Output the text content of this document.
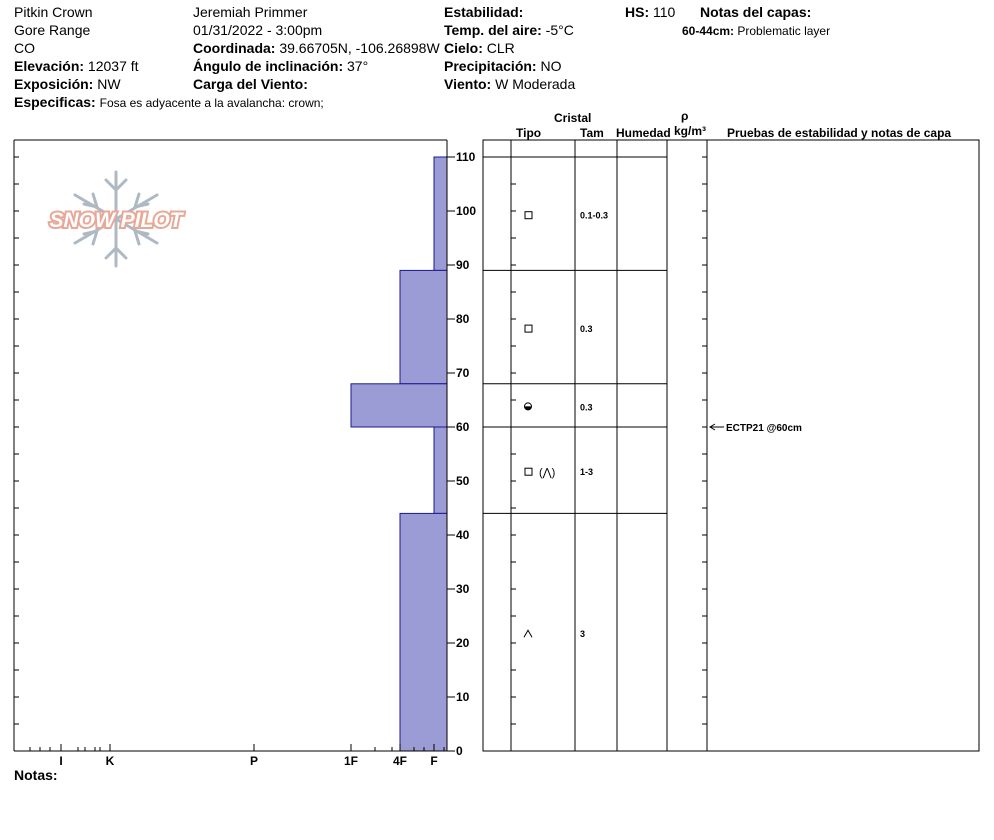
Pitkin Crown
Gore Range
CO
Elevación: 12037 ft
Exposición: NW
Especificas: Fosa es adyacente a la avalancha: crown;
Jeremiah Primmer
01/31/2022 - 3:00pm
Coordinada: 39.66705N, -106.26898W
Ángulo de inclinación: 37°
Carga del Viento:
Estabilidad:
Temp. del aire: -5°C
Cielo: CLR
Precipitación: NO
Viento: W Moderada
HS: 110 Notas del capas:
60-44cm: Problematic layer
Cristal
Tipo	Tam Humedad
ρ
kg/m³ Pruebas de estabilidad y notas de capa
Notas:
SNOW PILOT
I	K	P	1F	4F F
0
10
20
30
40
50
60
70
80
90
100
110
0.1-0.3
0.3
0.3
(⋀)	1-3
3
ECTP21 @60cm
